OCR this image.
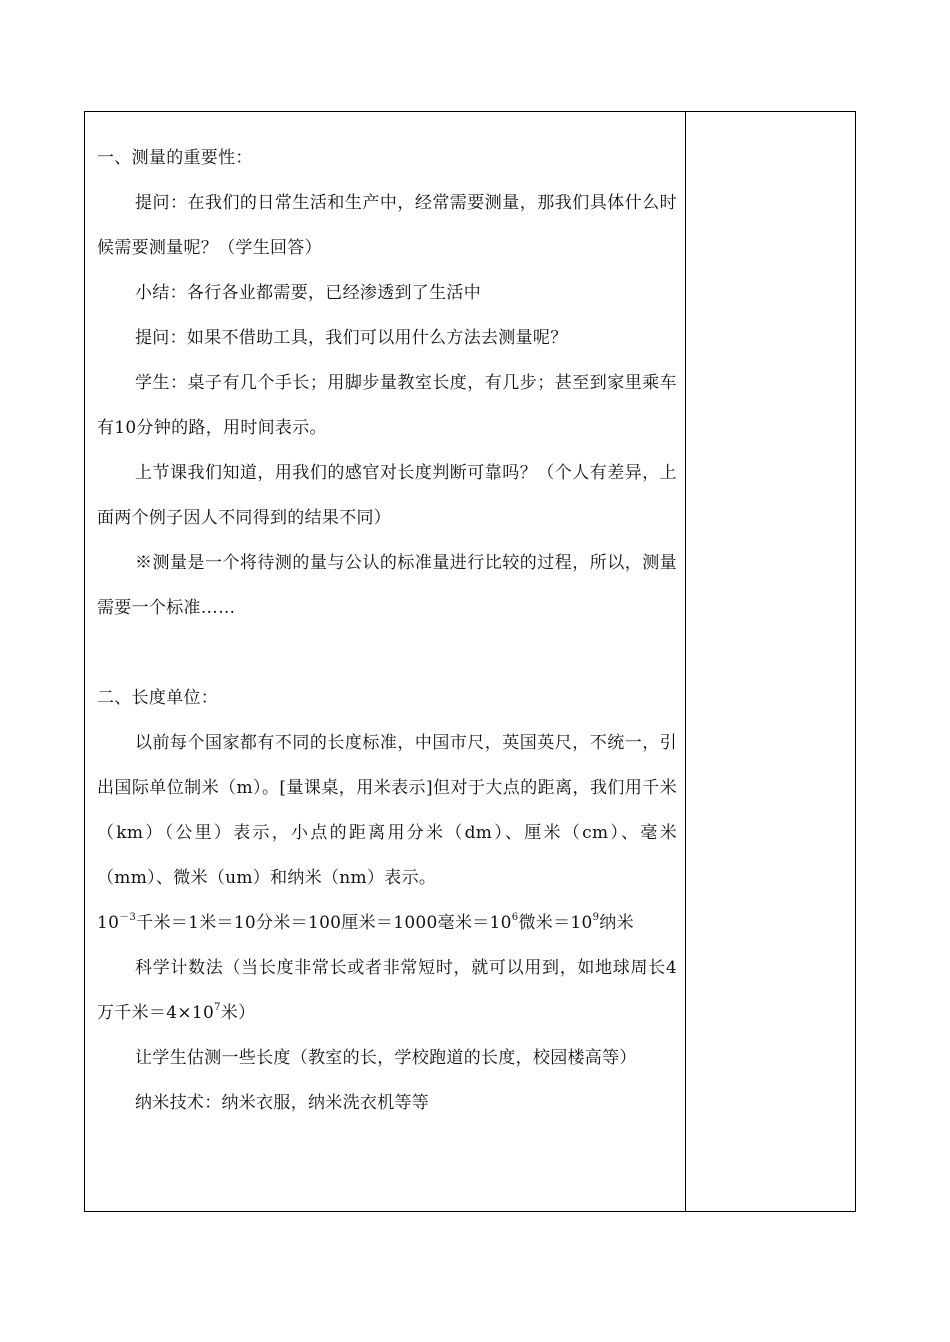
一、测量的重要性：

提问：在我们的日常生活和生产中，经常需要测量，那我们具体什么时候需要测量呢？（学生回答）

小结：各行各业都需要，已经渗透到了生活中

提问：如果不借助工具，我们可以用什么方法去测量呢？

学生：桌子有几个手长；用脚步量教室长度，有几步；甚至到家里乘车有10分钟的路，用时间表示。

上节课我们知道，用我们的感官对长度判断可靠吗？（个人有差异，上面两个例子因人不同得到的结果不同）

※测量是一个将待测的量与公认的标准量进行比较的过程，所以，测量需要一个标准……

二、长度单位：

以前每个国家都有不同的长度标准，中国市尺，英国英尺，不统一，引出国际单位制米（m）。[量课桌，用米表示]但对于大点的距离，我们用千米（km）（公里）表示，小点的距离用分米（dm）、厘米（cm）、毫米（mm）、微米（um）和纳米（nm）表示。

$10^{-3}$千米＝1米＝10分米＝100厘米＝1000毫米$=10^6$微米$=10^9$纳米

科学计数法（当长度非常长或者非常短时，就可以用到，如地球周长4万千米$=4\times 10^7$米）

让学生估测一些长度（教室的长，学校跑道的长度，校园楼高等）

纳米技术：纳米衣服，纳米洗衣机等等
